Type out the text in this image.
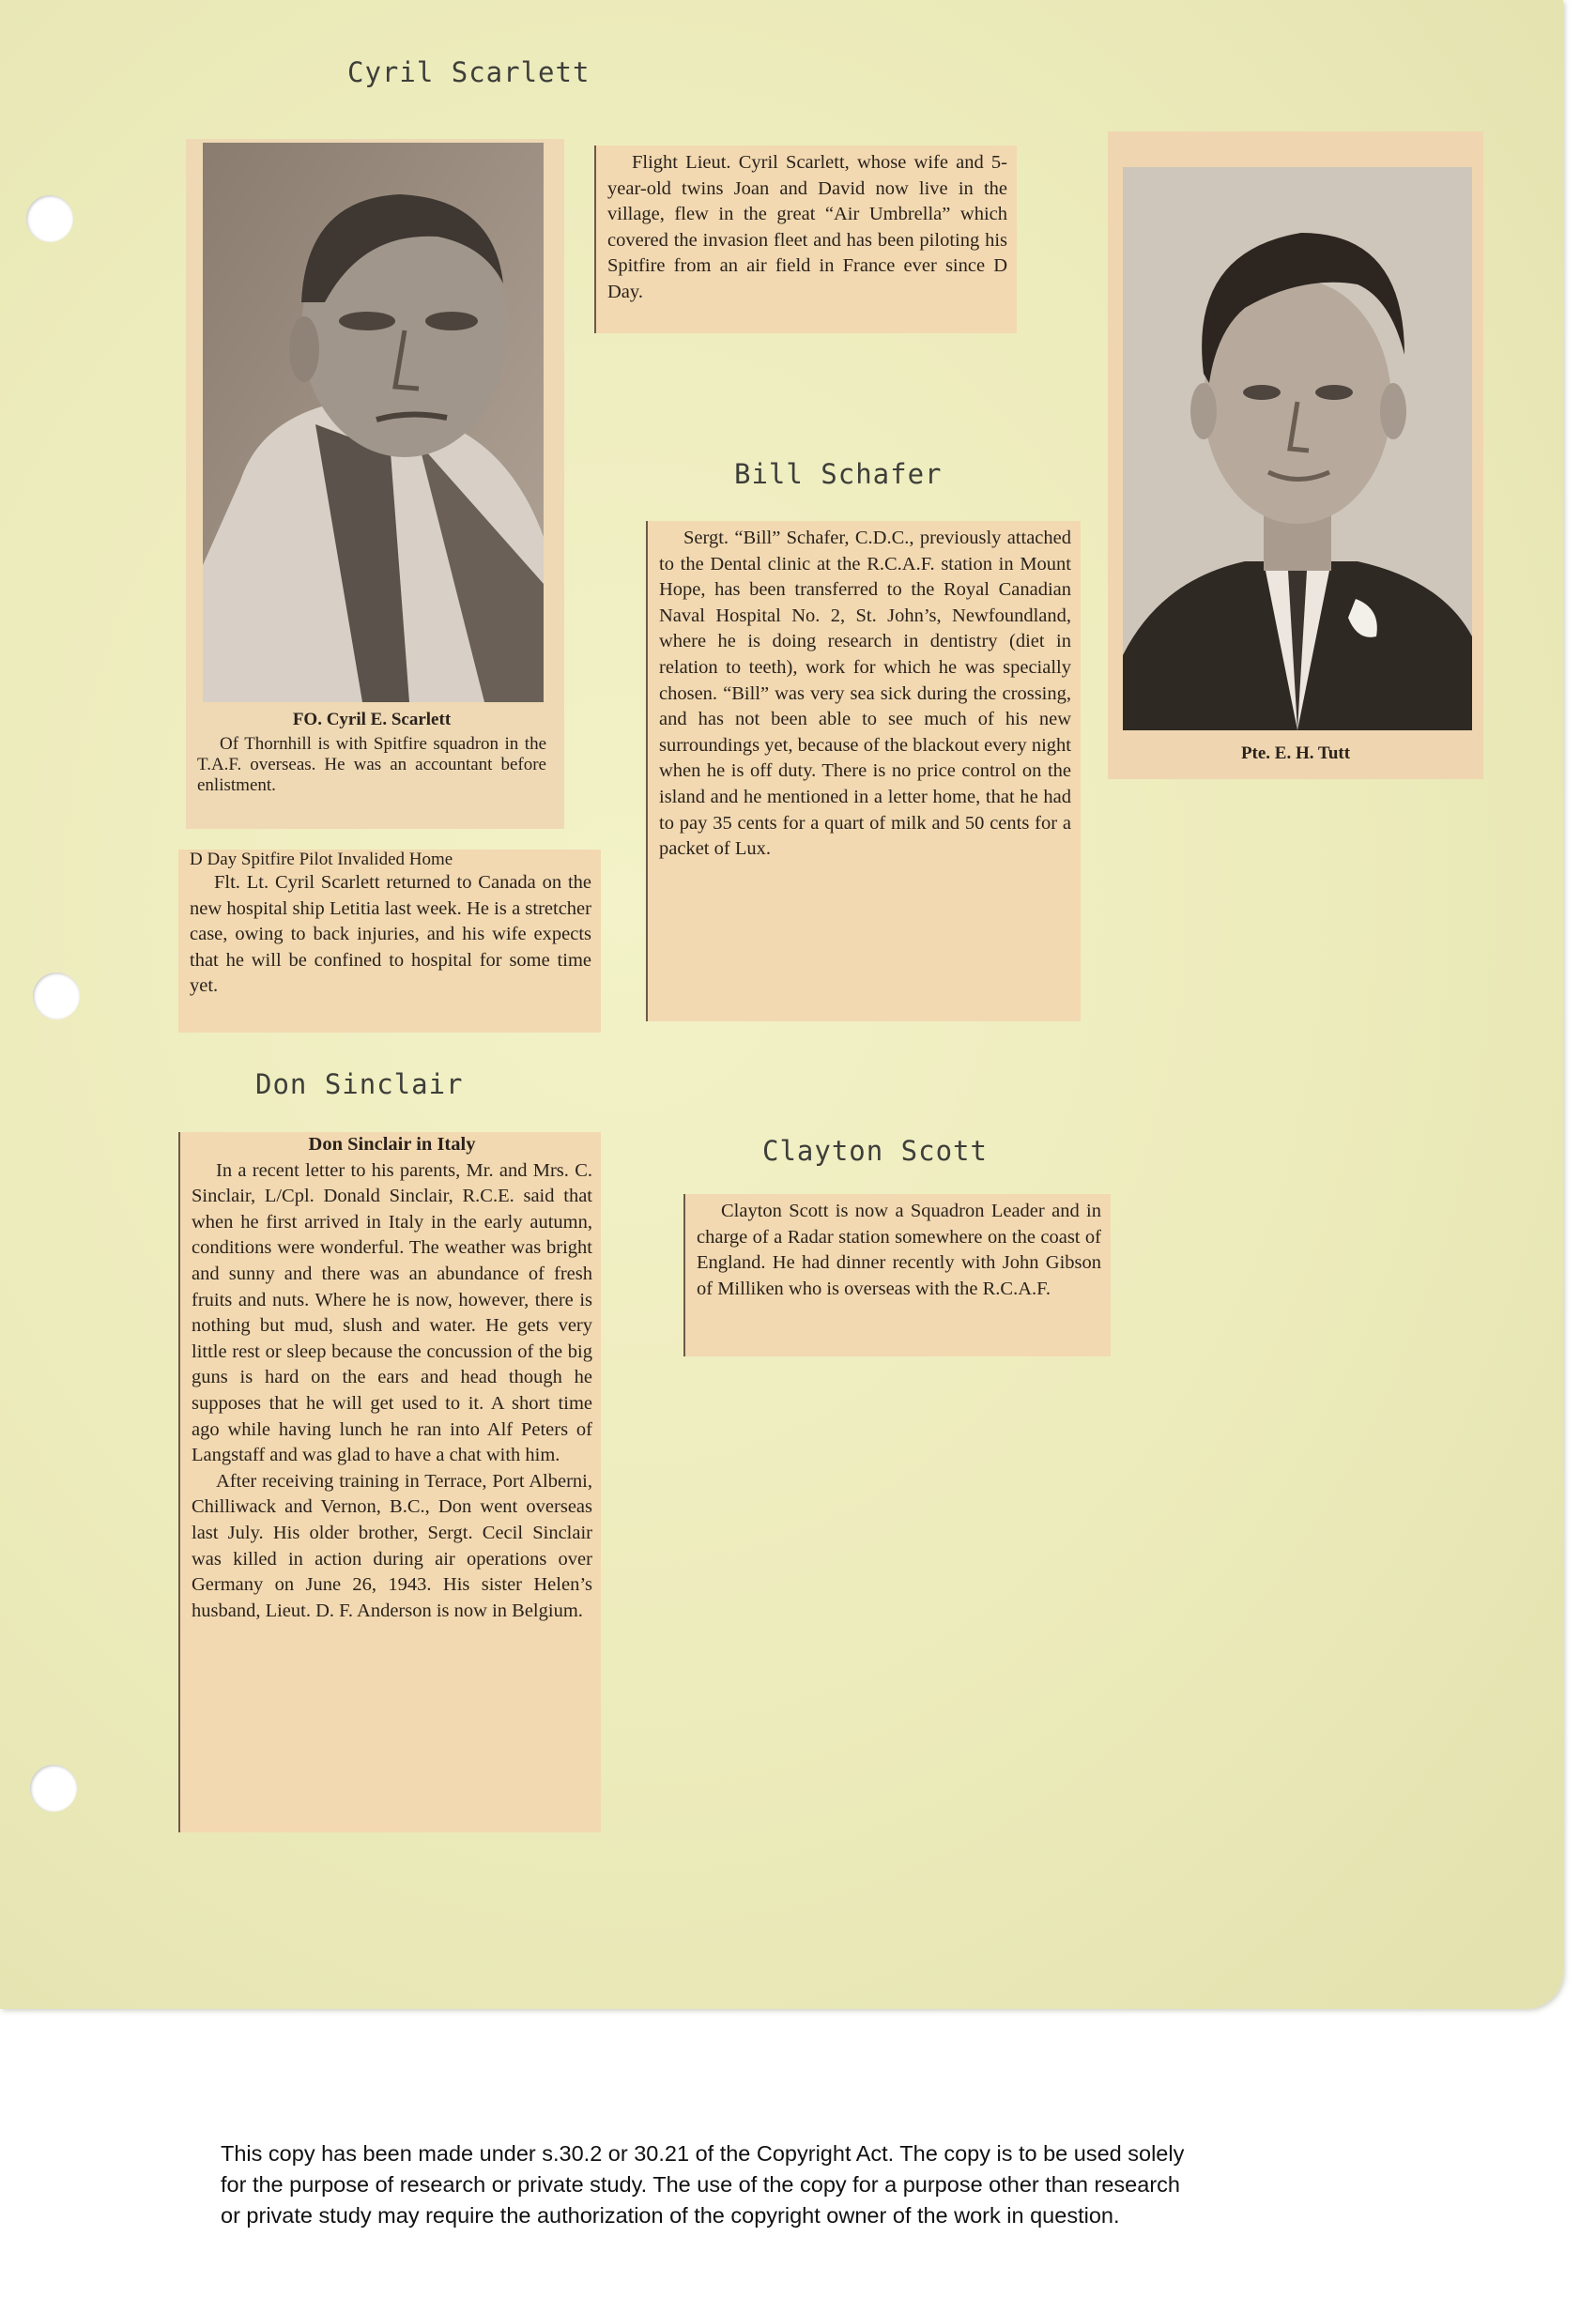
Cyril Scarlett
Bill Schafer
Don Sinclair
Clayton Scott
FO. Cyril E. Scarlett
Of Thornhill is with Spitfire squadron in the T.A.F. overseas. He was an accountant before enlistment.

Flight Lieut. Cyril Scarlett, whose wife and 5-year-old twins Joan and David now live in the village, flew in the great “Air Umbrella” which covered the invasion fleet and has been piloting his Spitfire from an air field in France ever since D Day.

D Day Spitfire Pilot Invalided Home

Flt. Lt. Cyril Scarlett returned to Canada on the new hospital ship Letitia last week. He is a stretcher case, owing to back injuries, and his wife expects that he will be confined to hospital for some time yet.

Sergt. “Bill” Schafer, C.D.C., previously attached to the Dental clinic at the R.C.A.F. station in Mount Hope, has been transferred to the Royal Canadian Naval Hospital No. 2, St. John’s, Newfoundland, where he is doing research in dentistry (diet in relation to teeth), work for which he was specially chosen. “Bill” was very sea sick during the crossing, and has not been able to see much of his new surroundings yet, because of the blackout every night when he is off duty. There is no price control on the island and he mentioned in a letter home, that he had to pay 35 cents for a quart of milk and 50 cents for a packet of Lux.

Pte. E. H. Tutt
Don Sinclair in Italy

In a recent letter to his parents, Mr. and Mrs. C. Sinclair, L/Cpl. Donald Sinclair, R.C.E. said that when he first arrived in Italy in the early autumn, conditions were wonderful. The weather was bright and sunny and there was an abundance of fresh fruits and nuts. Where he is now, however, there is nothing but mud, slush and water. He gets very little rest or sleep because the concussion of the big guns is hard on the ears and head though he supposes that he will get used to it. A short time ago while having lunch he ran into Alf Peters of Langstaff and was glad to have a chat with him.

After receiving training in Terrace, Port Alberni, Chilliwack and Vernon, B.C., Don went overseas last July. His older brother, Sergt. Cecil Sinclair was killed in action during air operations over Germany on June 26, 1943. His sister Helen’s husband, Lieut. D. F. Anderson is now in Belgium.

Clayton Scott is now a Squadron Leader and in charge of a Radar station somewhere on the coast of England. He had dinner recently with John Gibson of Milliken who is overseas with the R.C.A.F.

This copy has been made under s.30.2 or 30.21 of the Copyright Act. The copy is to be used solely

for the purpose of research or private study. The use of the copy for a purpose other than research

or private study may require the authorization of the copyright owner of the work in question.
